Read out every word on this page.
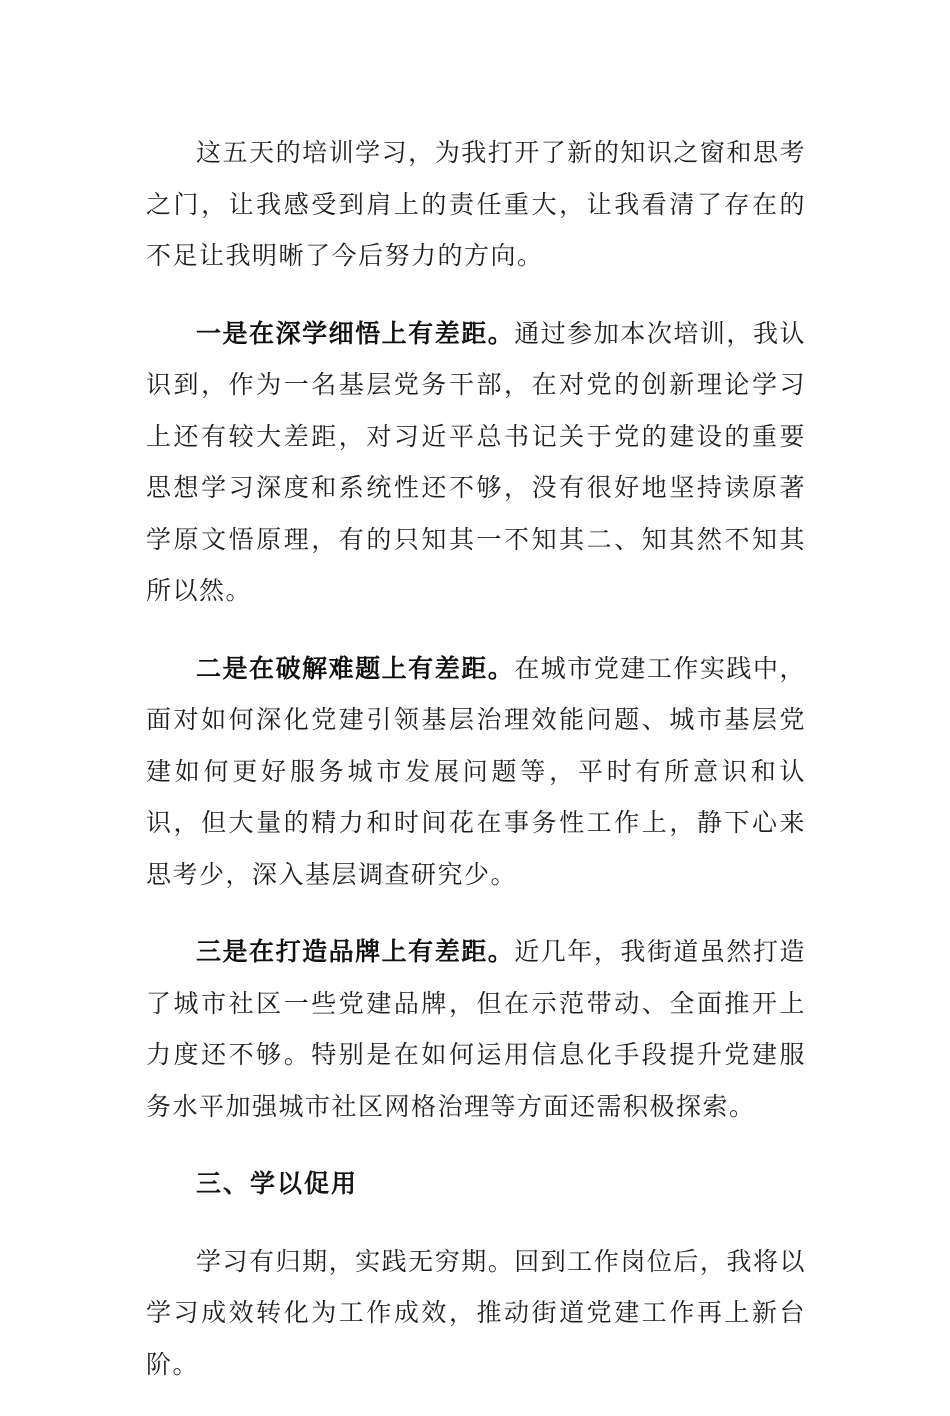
这五天的培训学习，为我打开了新的知识之窗和思考之门，让我感受到肩上的责任重大，让我看清了存在的不足让我明晰了今后努力的方向。

一是在深学细悟上有差距。通过参加本次培训，我认识到，作为一名基层党务干部，在对党的创新理论学习上还有较大差距，对习近平总书记关于党的建设的重要思想学习深度和系统性还不够，没有很好地坚持读原著学原文悟原理，有的只知其一不知其二、知其然不知其所以然。

二是在破解难题上有差距。在城市党建工作实践中，面对如何深化党建引领基层治理效能问题、城市基层党建如何更好服务城市发展问题等，平时有所意识和认识，但大量的精力和时间花在事务性工作上，静下心来思考少，深入基层调查研究少。

三是在打造品牌上有差距。近几年，我街道虽然打造了城市社区一些党建品牌，但在示范带动、全面推开上力度还不够。特别是在如何运用信息化手段提升党建服务水平加强城市社区网格治理等方面还需积极探索。

三、学以促用

学习有归期，实践无穷期。回到工作岗位后，我将以学习成效转化为工作成效，推动街道党建工作再上新台阶。
